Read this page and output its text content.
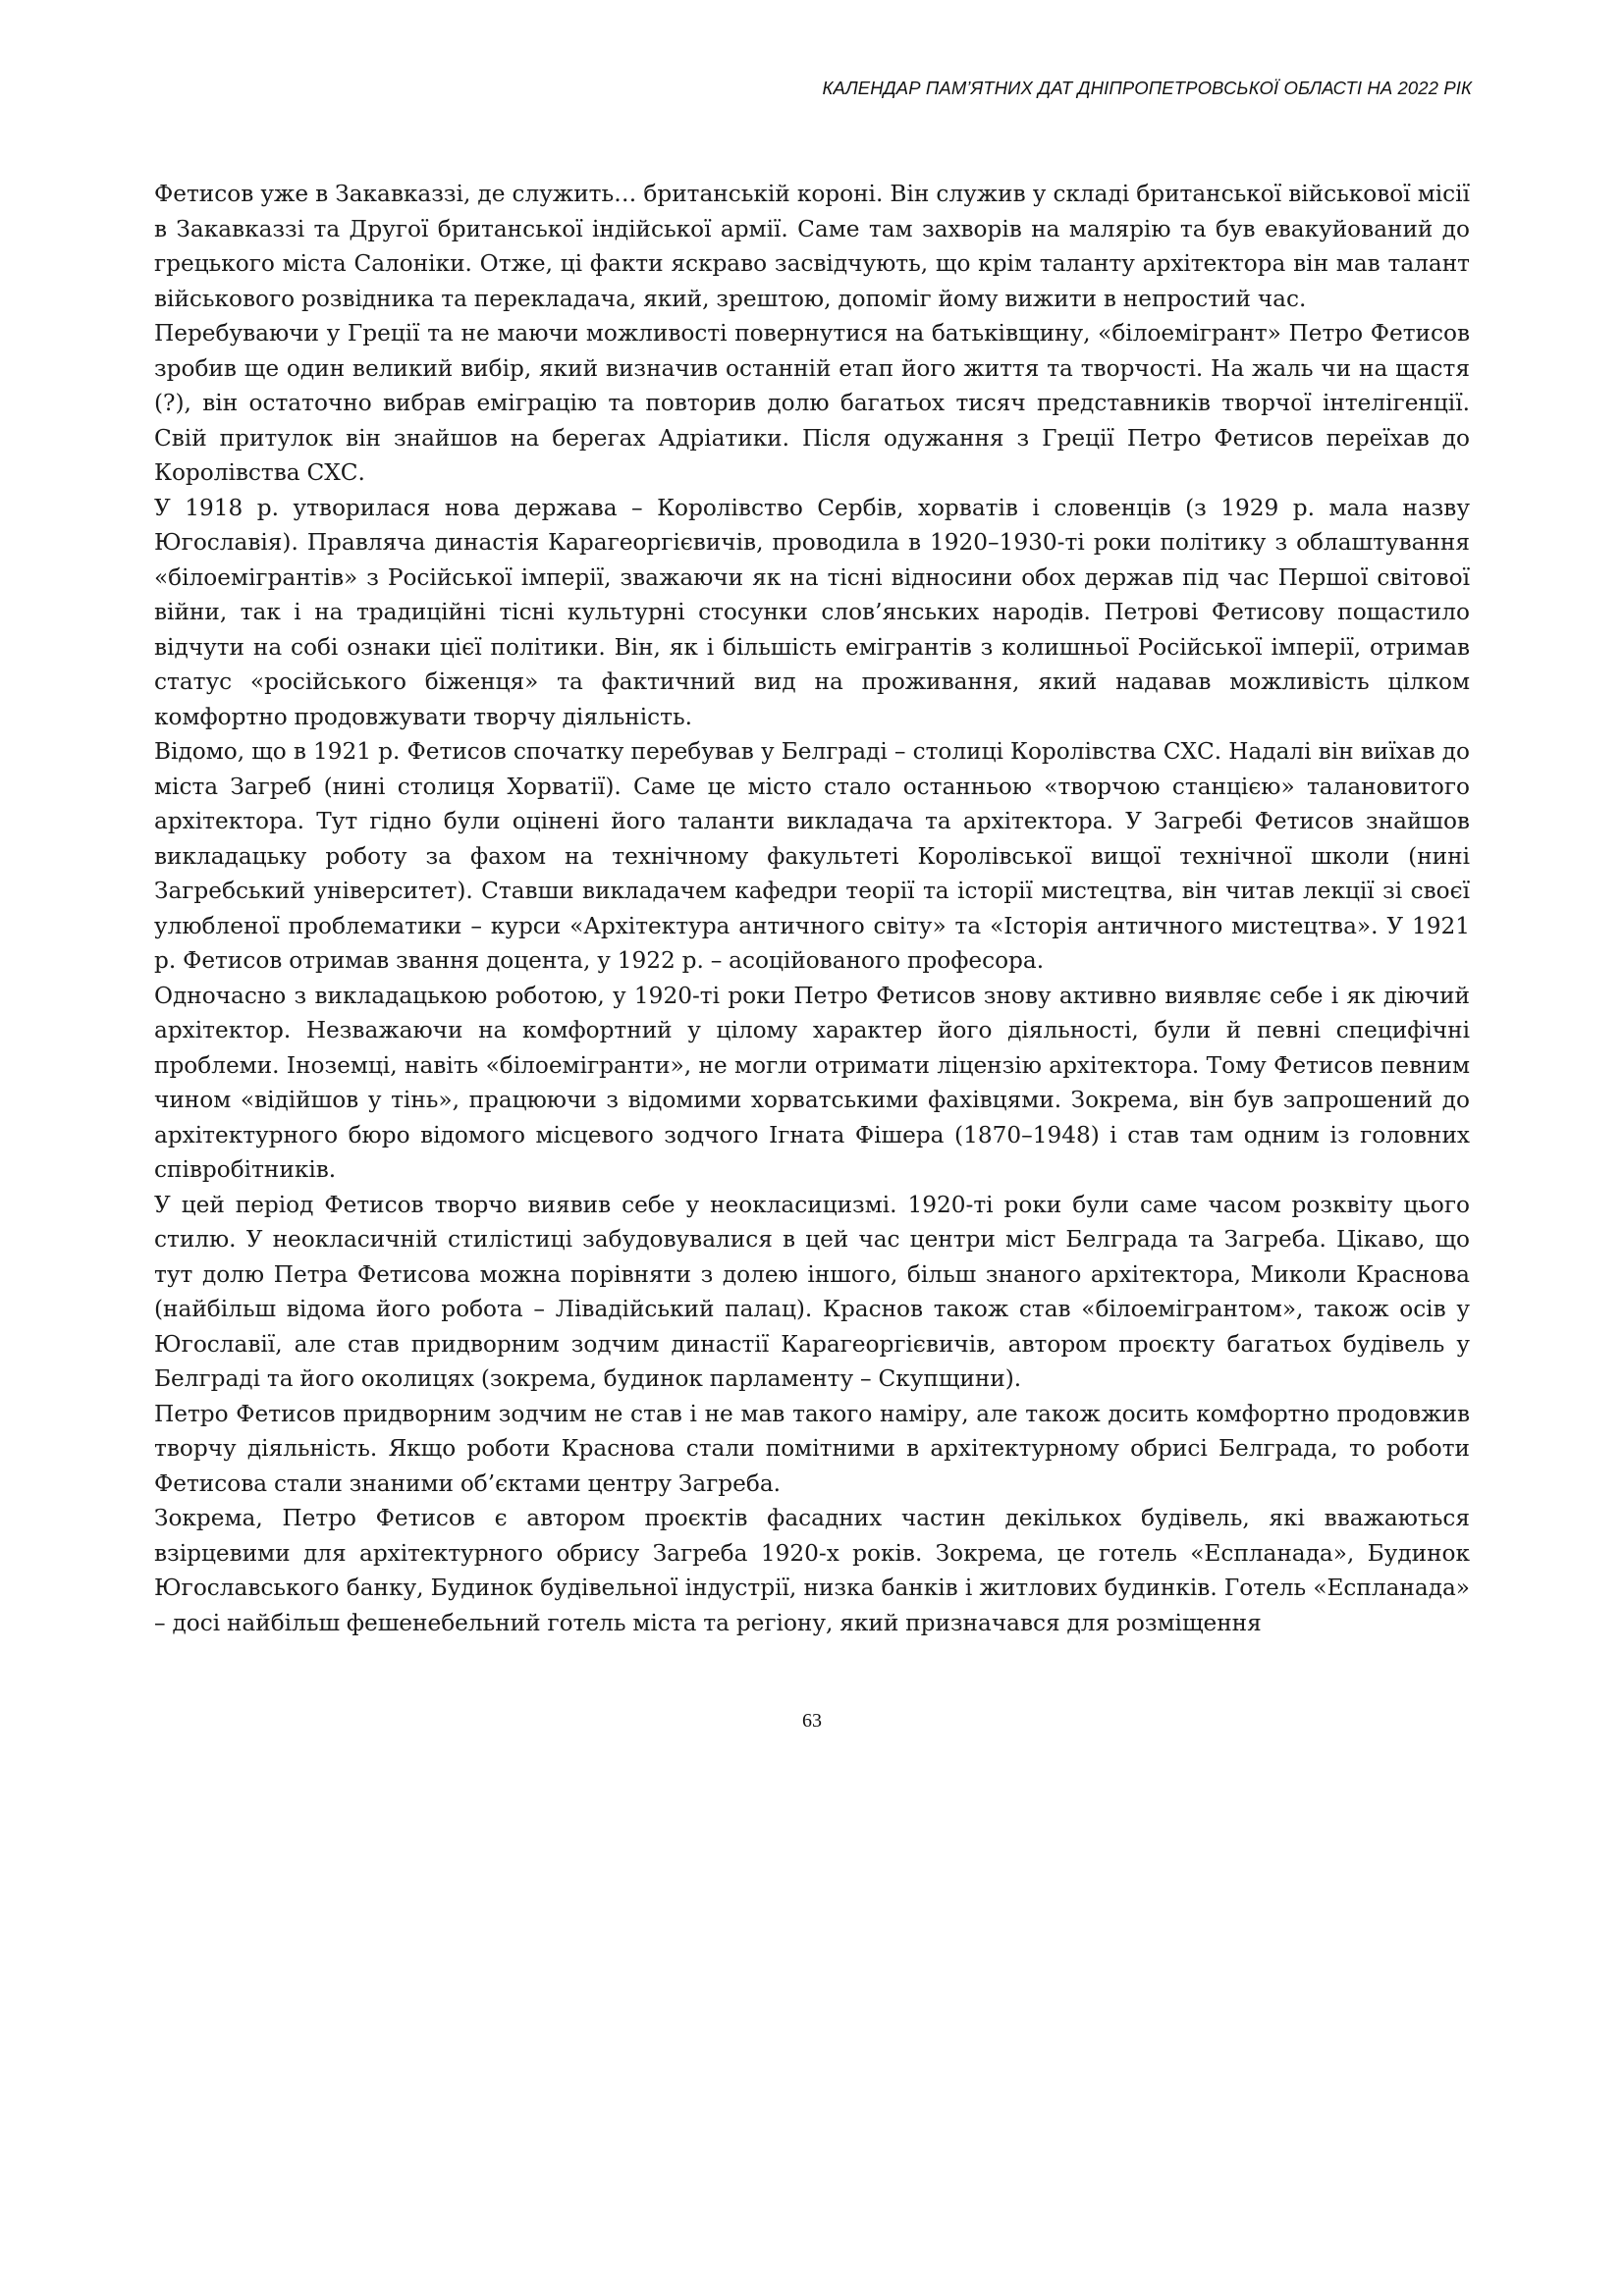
КАЛЕНДАР ПАМ’ЯТНИХ ДАТ ДНІПРОПЕТРОВСЬКОЇ ОБЛАСТІ НА 2022 РІК

Фетисов уже в Закавказзі, де служить… британській короні. Він служив у складі британської військової місії в Закавказзі та Другої британської індійської армії. Саме там захворів на малярію та був евакуйований до грецького міста Салоніки. Отже, ці факти яскраво засвідчують, що крім таланту архітектора він мав талант військового розвідника та перекладача, який, зрештою, допоміг йому вижити в непростий час.

Перебуваючи у Греції та не маючи можливості повернутися на батьківщину, «білоемігрант» Петро Фетисов зробив ще один великий вибір, який визначив останній етап його життя та творчості. На жаль чи на щастя (?), він остаточно вибрав еміграцію та повторив долю багатьох тисяч представників творчої інтелігенції. Свій притулок він знайшов на берегах Адріатики. Після одужання з Греції Петро Фетисов переїхав до Королівства СХС.

У 1918 р. утворилася нова держава – Королівство Сербів, хорватів і словенців (з 1929 р. мала назву Югославія). Правляча династія Карагеоргієвичів, проводила в 1920–1930-ті роки політику з облаштування «білоемігрантів» з Російської імперії, зважаючи як на тісні відносини обох держав під час Першої світової війни, так і на традиційні тісні культурні стосунки слов’янських народів. Петрові Фетисову пощастило відчути на собі ознаки цієї політики. Він, як і більшість емігрантів з колишньої Російської імперії, отримав статус «російського біженця» та фактичний вид на проживання, який надавав можливість цілком комфортно продовжувати творчу діяльність.

Відомо, що в 1921 р. Фетисов спочатку перебував у Белграді – столиці Королівства СХС. Надалі він виїхав до міста Загреб (нині столиця Хорватії). Саме це місто стало останньою «творчою станцією» талановитого архітектора. Тут гідно були оцінені його таланти викладача та архітектора. У Загребі Фетисов знайшов викладацьку роботу за фахом на технічному факультеті Королівської вищої технічної школи (нині Загребський університет). Ставши викладачем кафедри теорії та історії мистецтва, він читав лекції зі своєї улюбленої проблематики – курси «Архітектура античного світу» та «Історія античного мистецтва». У 1921 р. Фетисов отримав звання доцента, у 1922 р. – асоційованого професора.

Одночасно з викладацькою роботою, у 1920-ті роки Петро Фетисов знову активно виявляє себе і як діючий архітектор. Незважаючи на комфортний у цілому характер його діяльності, були й певні специфічні проблеми. Іноземці, навіть «білоемігранти», не могли отримати ліцензію архітектора. Тому Фетисов певним чином «відійшов у тінь», працюючи з відомими хорватськими фахівцями. Зокрема, він був запрошений до архітектурного бюро відомого місцевого зодчого Ігната Фішера (1870–1948) і став там одним із головних співробітників.

У цей період Фетисов творчо виявив себе у неокласицизмі. 1920-ті роки були саме часом розквіту цього стилю. У неокласичній стилістиці забудовувалися в цей час центри міст Белграда та Загреба. Цікаво, що тут долю Петра Фетисова можна порівняти з долею іншого, більш знаного архітектора, Миколи Краснова (найбільш відома його робота – Лівадійський палац). Краснов також став «білоемігрантом», також осів у Югославії, але став придворним зодчим династії Карагеоргієвичів, автором проєкту багатьох будівель у Белграді та його околицях (зокрема, будинок парламенту – Скупщини).

Петро Фетисов придворним зодчим не став і не мав такого наміру, але також досить комфортно продовжив творчу діяльність. Якщо роботи Краснова стали помітними в архітектурному обрисі Белграда, то роботи Фетисова стали знаними об’єктами центру Загреба.

Зокрема, Петро Фетисов є автором проєктів фасадних частин декількох будівель, які вважаються взірцевими для архітектурного обрису Загреба 1920-х років. Зокрема, це готель «Еспланада», Будинок Югославського банку, Будинок будівельної індустрії, низка банків і житлових будинків. Готель «Еспланада» – досі найбільш фешенебельний готель міста та регіону, який призначався для розміщення

63
